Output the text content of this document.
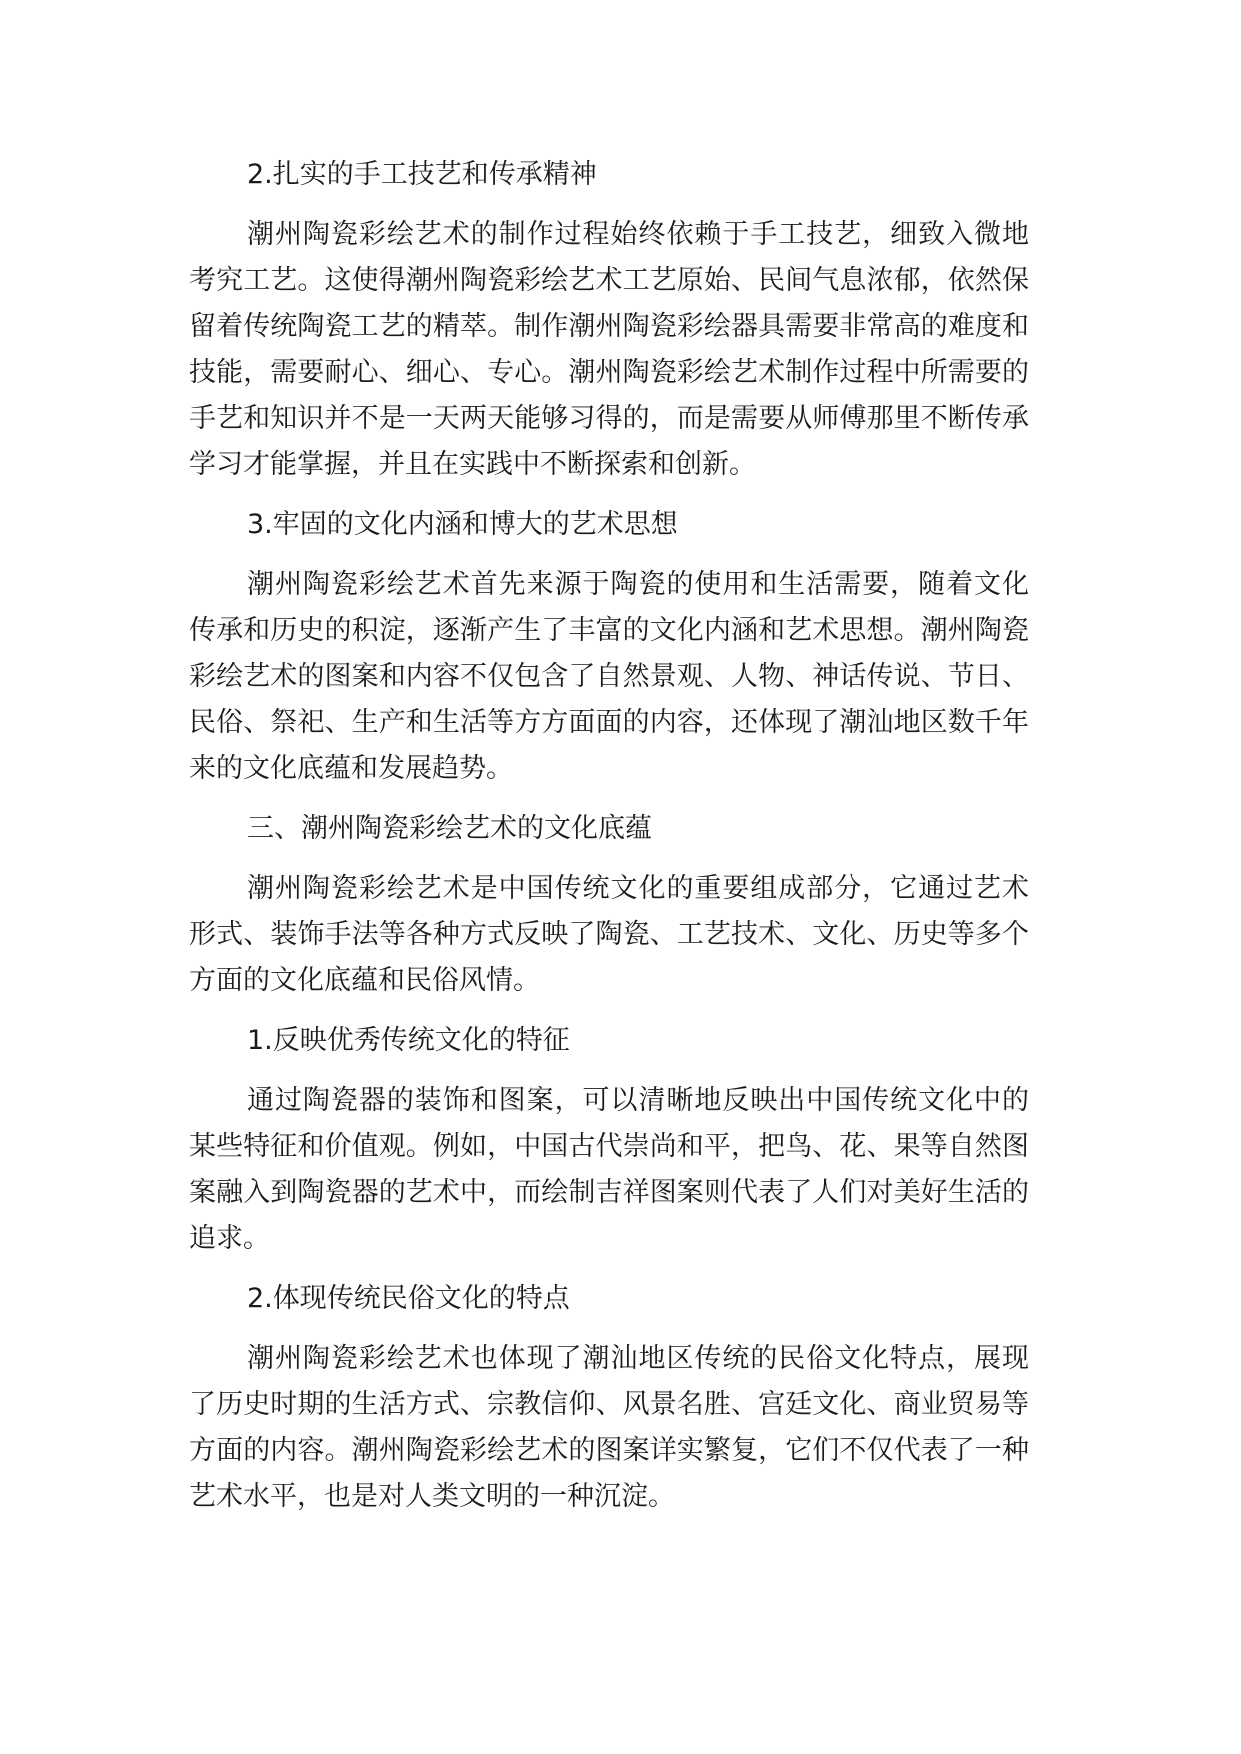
2.扎实的手工技艺和传承精神
潮州陶瓷彩绘艺术的制作过程始终依赖于手工技艺，细致入微地考究工艺。这使得潮州陶瓷彩绘艺术工艺原始、民间气息浓郁，依然保留着传统陶瓷工艺的精萃。制作潮州陶瓷彩绘器具需要非常高的难度和技能，需要耐心、细心、专心。潮州陶瓷彩绘艺术制作过程中所需要的手艺和知识并不是一天两天能够习得的，而是需要从师傅那里不断传承学习才能掌握，并且在实践中不断探索和创新。
3.牢固的文化内涵和博大的艺术思想
潮州陶瓷彩绘艺术首先来源于陶瓷的使用和生活需要，随着文化传承和历史的积淀，逐渐产生了丰富的文化内涵和艺术思想。潮州陶瓷彩绘艺术的图案和内容不仅包含了自然景观、人物、神话传说、节日、民俗、祭祀、生产和生活等方方面面的内容，还体现了潮汕地区数千年来的文化底蕴和发展趋势。
三、潮州陶瓷彩绘艺术的文化底蕴
潮州陶瓷彩绘艺术是中国传统文化的重要组成部分，它通过艺术形式、装饰手法等各种方式反映了陶瓷、工艺技术、文化、历史等多个方面的文化底蕴和民俗风情。
1.反映优秀传统文化的特征
通过陶瓷器的装饰和图案，可以清晰地反映出中国传统文化中的某些特征和价值观。例如，中国古代崇尚和平，把鸟、花、果等自然图案融入到陶瓷器的艺术中，而绘制吉祥图案则代表了人们对美好生活的追求。
2.体现传统民俗文化的特点
潮州陶瓷彩绘艺术也体现了潮汕地区传统的民俗文化特点，展现了历史时期的生活方式、宗教信仰、风景名胜、宫廷文化、商业贸易等方面的内容。潮州陶瓷彩绘艺术的图案详实繁复，它们不仅代表了一种艺术水平，也是对人类文明的一种沉淀。
